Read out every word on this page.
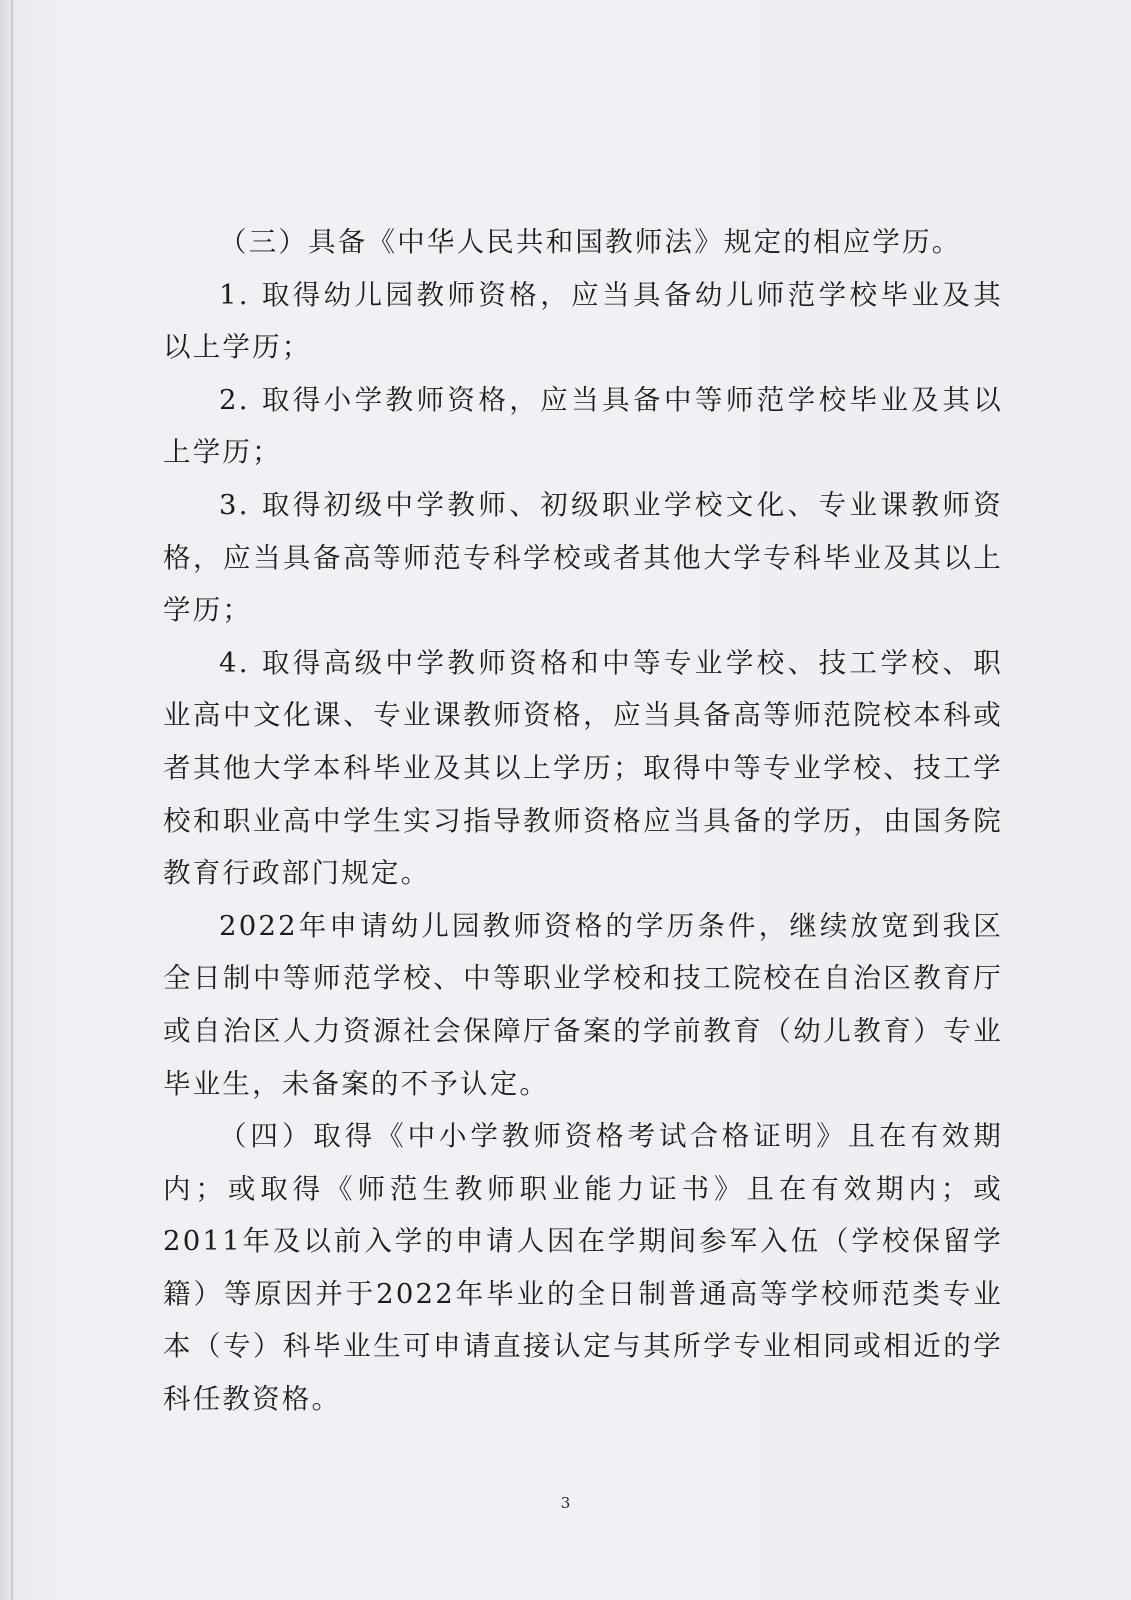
（三）具备《中华人民共和国教师法》规定的相应学历。

1. 取得幼儿园教师资格，应当具备幼儿师范学校毕业及其以上学历；

2. 取得小学教师资格，应当具备中等师范学校毕业及其以上学历；

3. 取得初级中学教师、初级职业学校文化、专业课教师资格，应当具备高等师范专科学校或者其他大学专科毕业及其以上学历；

4. 取得高级中学教师资格和中等专业学校、技工学校、职业高中文化课、专业课教师资格，应当具备高等师范院校本科或者其他大学本科毕业及其以上学历；取得中等专业学校、技工学校和职业高中学生实习指导教师资格应当具备的学历，由国务院教育行政部门规定。

2022年申请幼儿园教师资格的学历条件，继续放宽到我区全日制中等师范学校、中等职业学校和技工院校在自治区教育厅或自治区人力资源社会保障厅备案的学前教育（幼儿教育）专业毕业生，未备案的不予认定。

（四）取得《中小学教师资格考试合格证明》且在有效期内；或取得《师范生教师职业能力证书》且在有效期内；或2011年及以前入学的申请人因在学期间参军入伍（学校保留学籍）等原因并于2022年毕业的全日制普通高等学校师范类专业本（专）科毕业生可申请直接认定与其所学专业相同或相近的学科任教资格。

3
